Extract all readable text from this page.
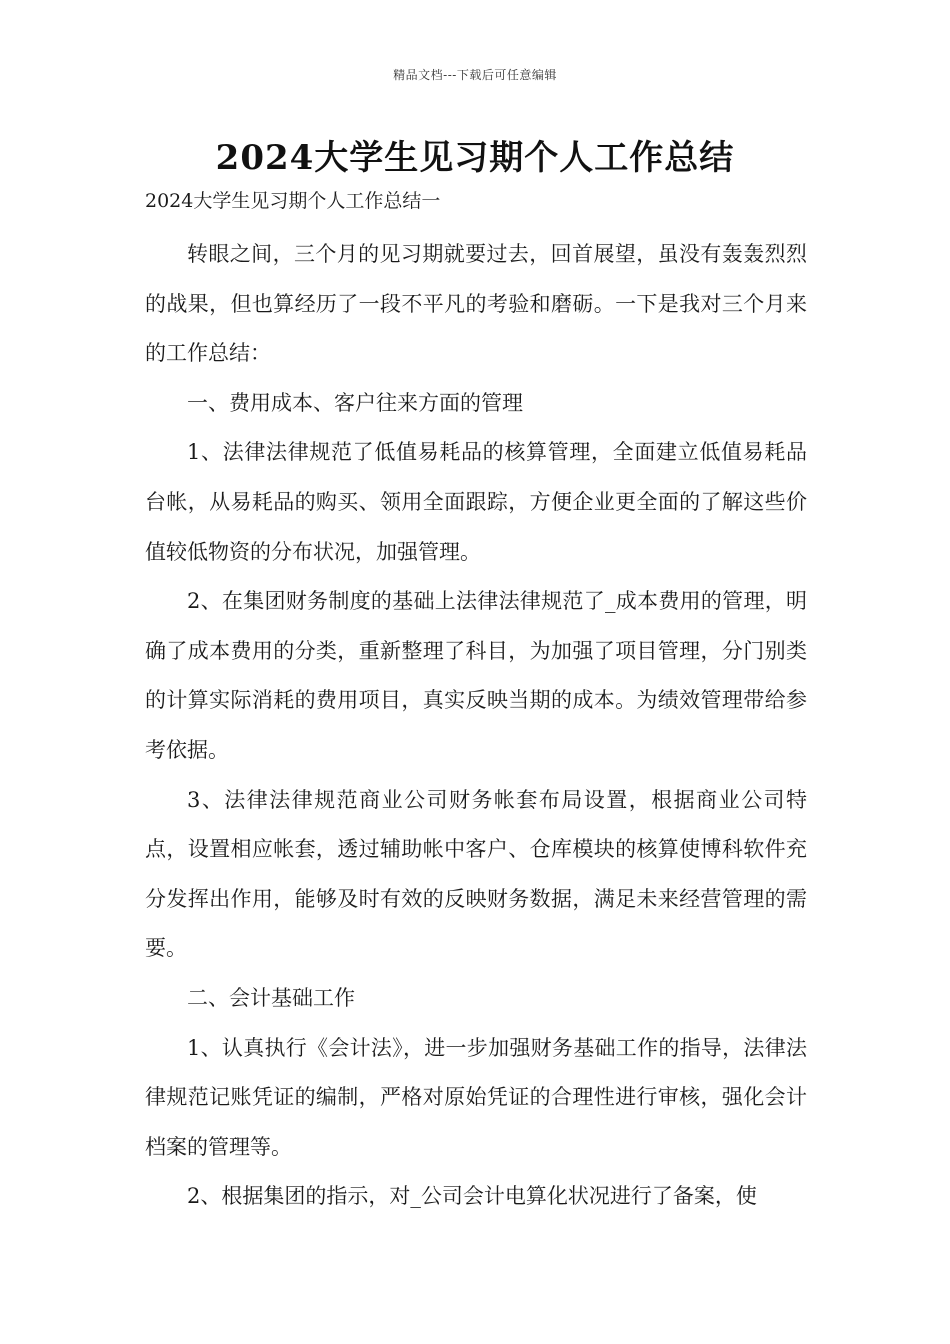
精品文档---下载后可任意编辑
2024大学生见习期个人工作总结
2024大学生见习期个人工作总结一

转眼之间，三个月的见习期就要过去，回首展望，虽没有轰轰烈烈的战果，但也算经历了一段不平凡的考验和磨砺。一下是我对三个月来的工作总结：

一、费用成本、客户往来方面的管理

1、法律法律规范了低值易耗品的核算管理，全面建立低值易耗品台帐，从易耗品的购买、领用全面跟踪，方便企业更全面的了解这些价值较低物资的分布状况，加强管理。

2、在集团财务制度的基础上法律法律规范了_成本费用的管理，明确了成本费用的分类，重新整理了科目，为加强了项目管理，分门别类的计算实际消耗的费用项目，真实反映当期的成本。为绩效管理带给参考依据。

3、法律法律规范商业公司财务帐套布局设置，根据商业公司特点，设置相应帐套，透过辅助帐中客户、仓库模块的核算使博科软件充分发挥出作用，能够及时有效的反映财务数据，满足未来经营管理的需要。

二、会计基础工作

1、认真执行《会计法》，进一步加强财务基础工作的指导，法律法律规范记账凭证的编制，严格对原始凭证的合理性进行审核，强化会计档案的管理等。

2、根据集团的指示，对_公司会计电算化状况进行了备案，使
